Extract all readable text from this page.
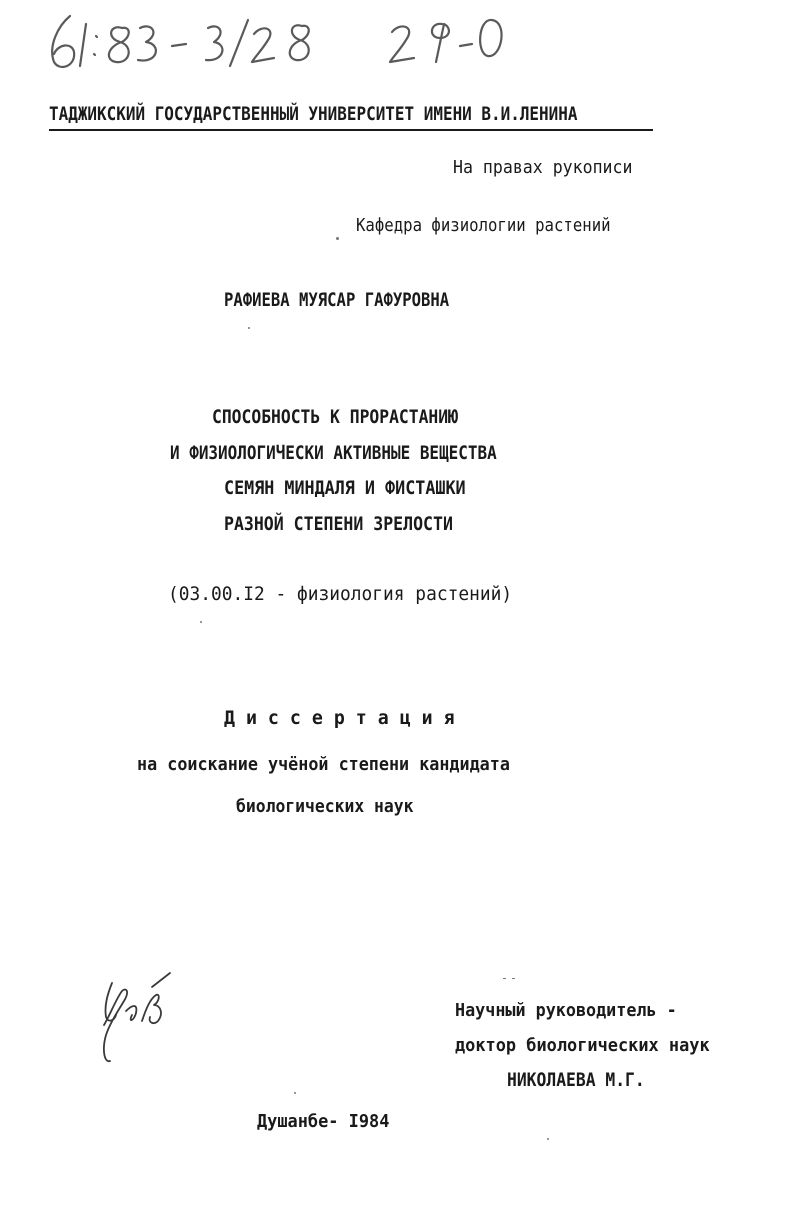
61:83-3/2829-0
ТАДЖИКСКИЙ ГОСУДАРСТВЕННЫЙ УНИВЕРСИТЕТ ИМЕНИ В.И.ЛЕНИНА
На правах рукописи
Кафедра физиологии растений
РАФИЕВА МУЯСАР ГАФУРОВНА
СПОСОБНОСТЬ К ПРОРАСТАНИЮ
И ФИЗИОЛОГИЧЕСКИ АКТИВНЫЕ ВЕЩЕСТВА
СЕМЯН МИНДАЛЯ И ФИСТАШКИ
РАЗНОЙ СТЕПЕНИ ЗРЕЛОСТИ
(03.00.I2 - физиология растений)
Д и с с е р т а ц и я
на соискание учёной степени кандидата
биологических наук
Научный руководитель -
доктор биологических наук
НИКОЛАЕВА М.Г.
Душанбе- I984
